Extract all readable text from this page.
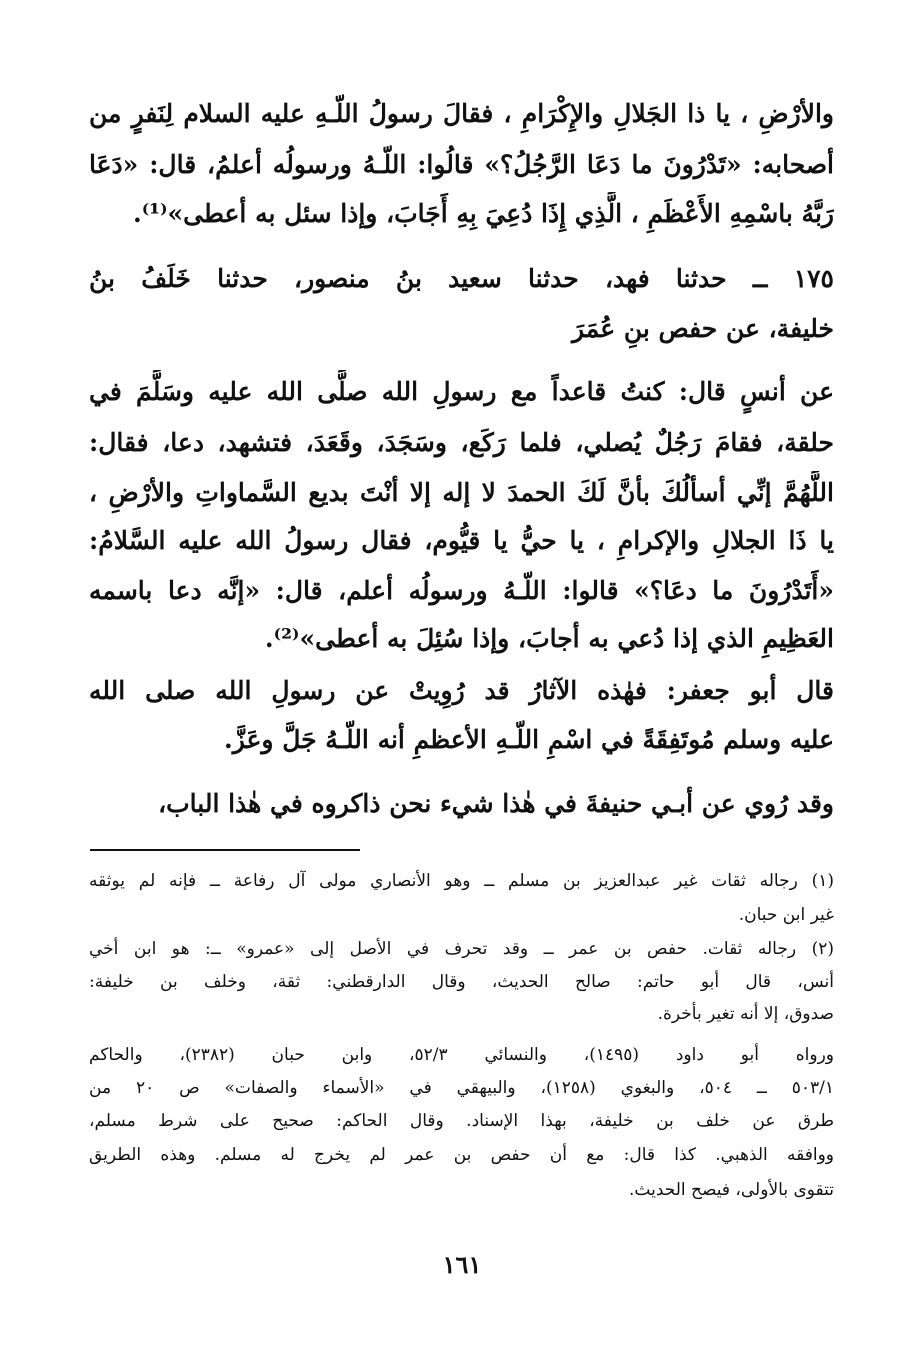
والأرْضِ ، يا ذا الجَلالِ والإِكْرَامِ ، فقالَ رسولُ اللّـهِ عليه السلام لِنَفرٍ من
أصحابه: «تَدْرُونَ ما دَعَا الرَّجُلُ؟» قالُوا: اللّـهُ ورسولُه أعلمُ، قال: «دَعَا
رَبَّهُ باسْمِهِ الأَعْظَمِ ، الَّذِي إِذَا دُعِيَ بِهِ أَجَابَ، وإذا سئل به أعطى»⁽¹⁾.
١٧٥ ــ حدثنا فهد، حدثنا سعيد بنُ منصور، حدثنا خَلَفُ بنُ
خليفة، عن حفص بنِ عُمَرَ
عن أنسٍ قال: كنتُ قاعداً مع رسولِ الله صلَّى الله عليه وسَلَّمَ في
حلقة، فقامَ رَجُلٌ يُصلي، فلما رَكَع، وسَجَدَ، وقَعَدَ، فتشهد، دعا، فقال:
اللَّهُمَّ إنِّي أسألُكَ بأنَّ لَكَ الحمدَ لا إله إلا أنْتَ بديع السَّماواتِ والأرْضِ ،
يا ذَا الجلالِ والإكرامِ ، يا حيُّ يا قيُّوم، فقال رسولُ الله عليه السَّلامُ:
«أَتَدْرُونَ ما دعَا؟» قالوا: اللّـهُ ورسولُه أعلم، قال: «إنَّه دعا باسمه
العَظِيمِ الذي إذا دُعي به أجابَ، وإذا سُئِلَ به أعطى»⁽²⁾.
قال أبو جعفر: فهٰذه الآثارُ قد رُوِيتْ عن رسولِ الله صلى الله
عليه وسلم مُوتَفِقَةً في اسْمِ اللّـهِ الأعظمِ أنه اللّـهُ جَلَّ وعَزَّ.
وقد رُوي عن أبـي حنيفةَ في هٰذا شيء نحن ذاكروه في هٰذا الباب،
(١) رجاله ثقات غير عبدالعزيز بن مسلم ــ وهو الأنصاري مولى آل رفاعة ــ فإنه لم يوثقه
غير ابن حبان.
(٢) رجاله ثقات. حفص بن عمر ــ وقد تحرف في الأصل إلى «عمرو» ــ: هو ابن أخي
أنس، قال أبو حاتم: صالح الحديث، وقال الدارقطني: ثقة، وخلف بن خليفة:
صدوق، إلا أنه تغير بأخرة.
ورواه أبو داود (١٤٩٥)، والنسائي ٥٢/٣، وابن حبان (٢٣٨٢)، والحاكم
٥٠٣/١ ــ ٥٠٤، والبغوي (١٢٥٨)، والبيهقي في «الأسماء والصفات» ص ٢٠ من
طرق عن خلف بن خليفة، بهذا الإسناد. وقال الحاكم: صحيح على شرط مسلم،
ووافقه الذهبي. كذا قال: مع أن حفص بن عمر لم يخرج له مسلم. وهذه الطريق
تتقوى بالأولى، فيصح الحديث.
١٦١
